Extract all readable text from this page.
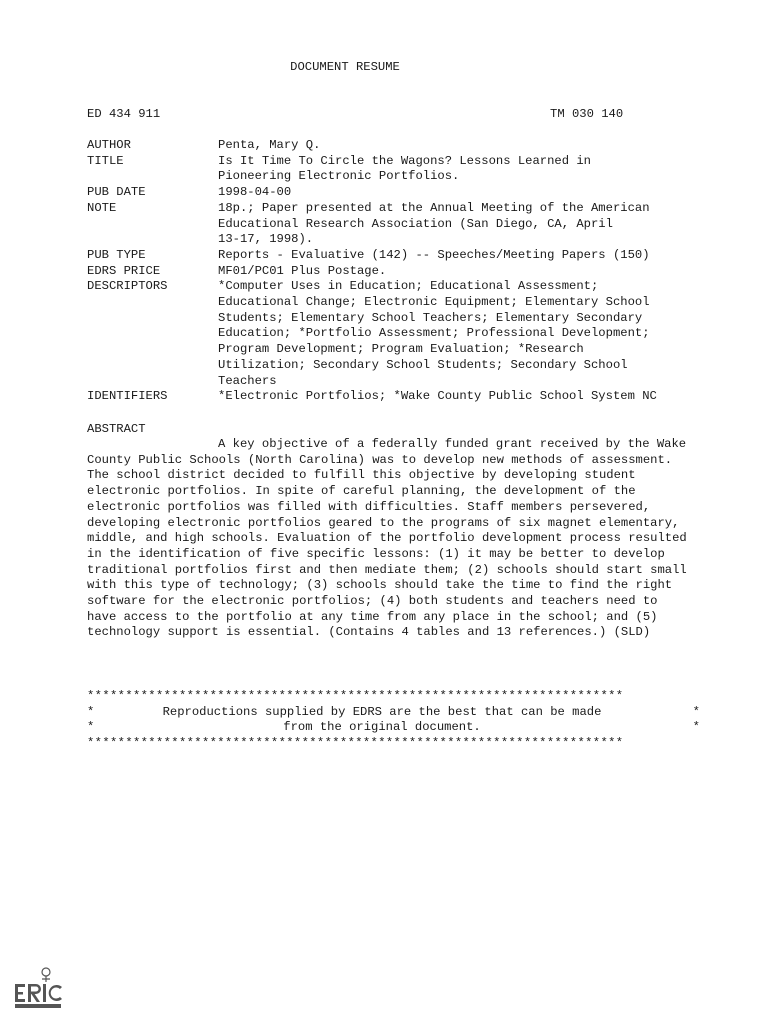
DOCUMENT RESUME
ED 434 911	TM 030 140
AUTHOR	Penta, Mary Q.
TITLE	Is It Time To Circle the Wagons? Lessons Learned in
Pioneering Electronic Portfolios.
PUB DATE	1998-04-00
NOTE	18p.; Paper presented at the Annual Meeting of the American
Educational Research Association (San Diego, CA, April
13-17, 1998).
PUB TYPE	Reports - Evaluative (142) -- Speeches/Meeting Papers (150)
EDRS PRICE	MF01/PC01 Plus Postage.
DESCRIPTORS	*Computer Uses in Education; Educational Assessment;
Educational Change; Electronic Equipment; Elementary School
Students; Elementary School Teachers; Elementary Secondary
Education; *Portfolio Assessment; Professional Development;
Program Development; Program Evaluation; *Research
Utilization; Secondary School Students; Secondary School
Teachers
IDENTIFIERS	*Electronic Portfolios; *Wake County Public School System NC
ABSTRACT
A key objective of a federally funded grant received by the Wake County Public Schools (North Carolina) was to develop new methods of assessment. The school district decided to fulfill this objective by developing student electronic portfolios. In spite of careful planning, the development of the electronic portfolios was filled with difficulties. Staff members persevered, developing electronic portfolios geared to the programs of six magnet elementary, middle, and high schools. Evaluation of the portfolio development process resulted in the identification of five specific lessons: (1) it may be better to develop traditional portfolios first and then mediate them; (2) schools should start small with this type of technology; (3) schools should take the time to find the right software for the electronic portfolios; (4) both students and teachers need to have access to the portfolio at any time from any place in the school; and (5) technology support is essential. (Contains 4 tables and 13 references.) (SLD)
**********************************************************************
*	Reproductions supplied by EDRS are the best that can be made	*
*	from the original document.	*
**********************************************************************
